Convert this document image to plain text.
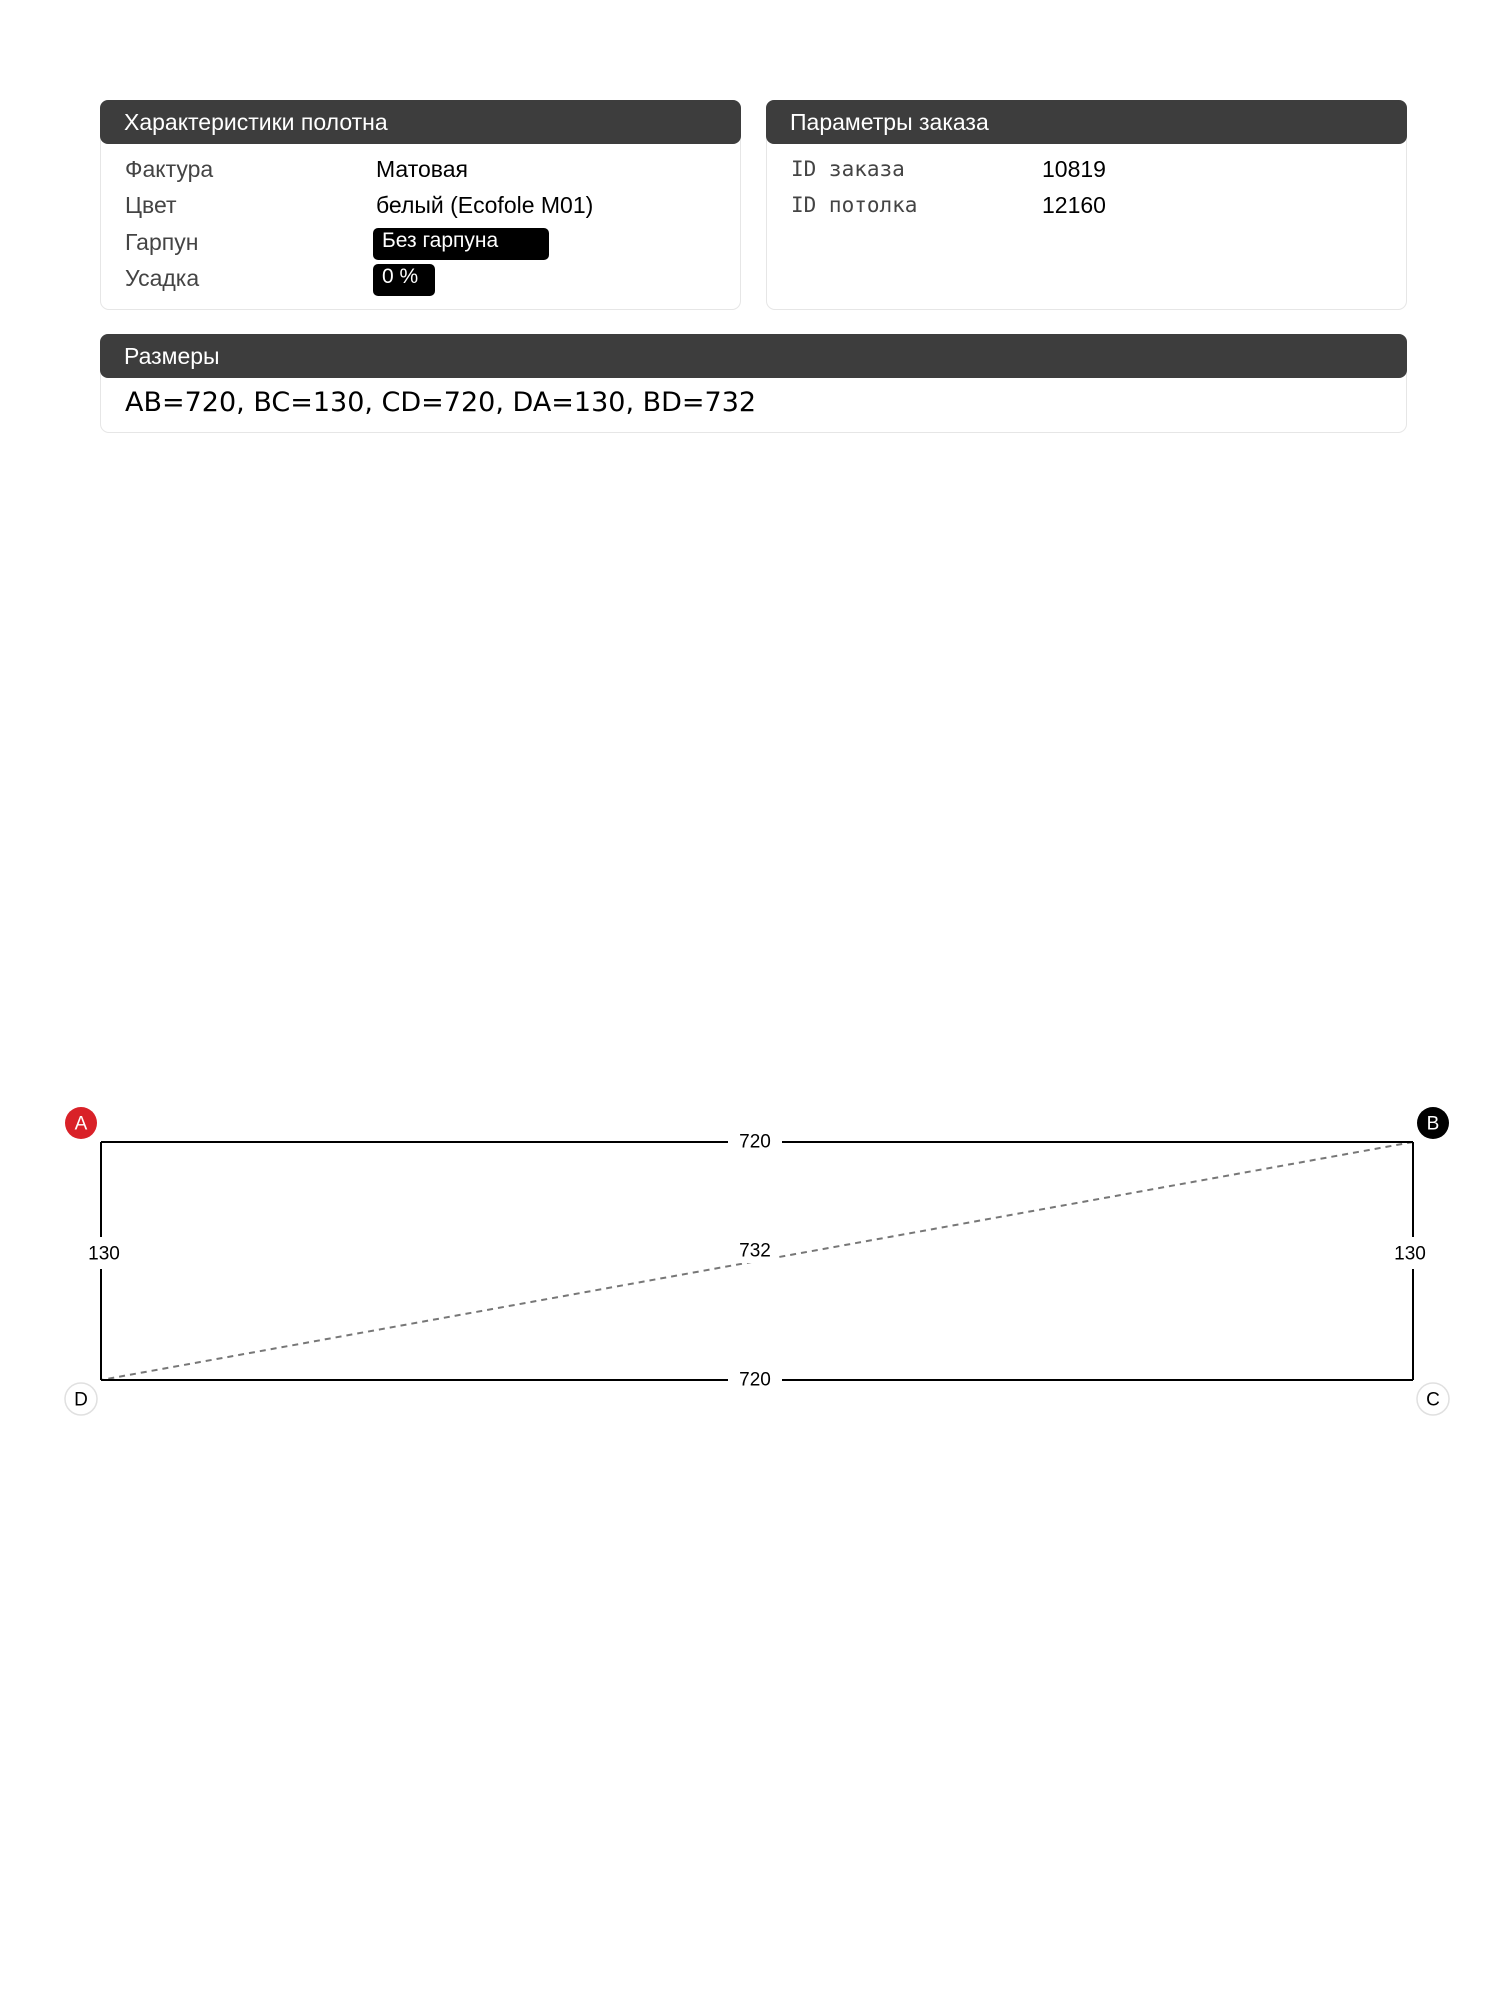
Характеристики полотна
Фактура	Матовая
Цвет	белый (Ecofole M01)
Гарпун	Без гарпуна
Усадка	0 %
Параметры заказа
ID заказа	10819
ID потолка	12160
Размеры
AB=720, BC=130, CD=720, DA=130, BD=732
720
720
130	130
732
A	B
C
D
